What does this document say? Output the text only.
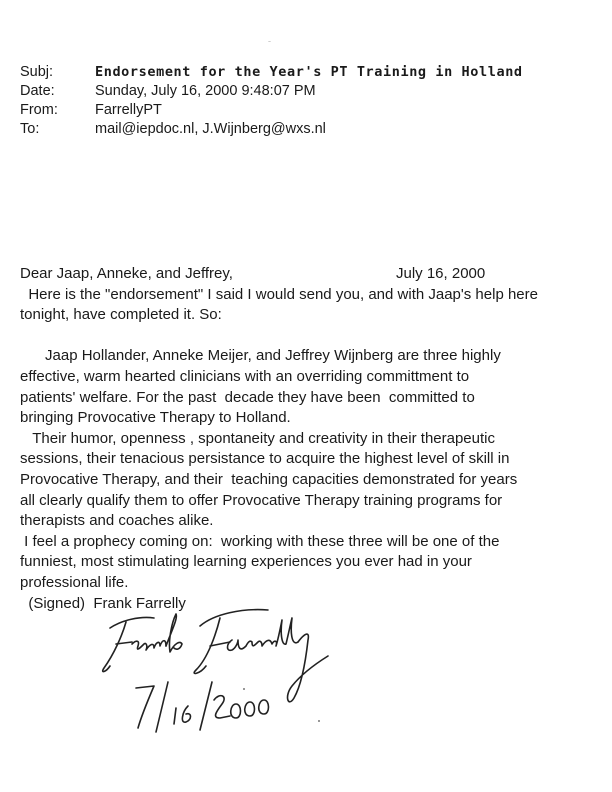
Subj:	Endorsement for the Year's PT Training in Holland
Date:	Sunday, July 16, 2000 9:48:07 PM
From:	FarrellyPT
To:	mail@iepdoc.nl, J.Wijnberg@wxs.nl
Dear Jaap, Anneke, and Jeffrey,	July 16, 2000
Here is the "endorsement" I said I would send you, and with Jaap's help here
tonight, have completed it. So:
Jaap Hollander, Anneke Meijer, and Jeffrey Wijnberg are three highly
effective, warm hearted clinicians with an overriding committment to
patients' welfare. For the past  decade they have been  committed to
bringing Provocative Therapy to Holland.
Their humor, openness , spontaneity and creativity in their therapeutic
sessions, their tenacious persistance to acquire the highest level of skill in
Provocative Therapy, and their  teaching capacities demonstrated for years
all clearly qualify them to offer Provocative Therapy training programs for
therapists and coaches alike.
I feel a prophecy coming on:  working with these three will be one of the
funniest, most stimulating learning experiences you ever had in your
professional life.
(Signed)  Frank Farrelly
